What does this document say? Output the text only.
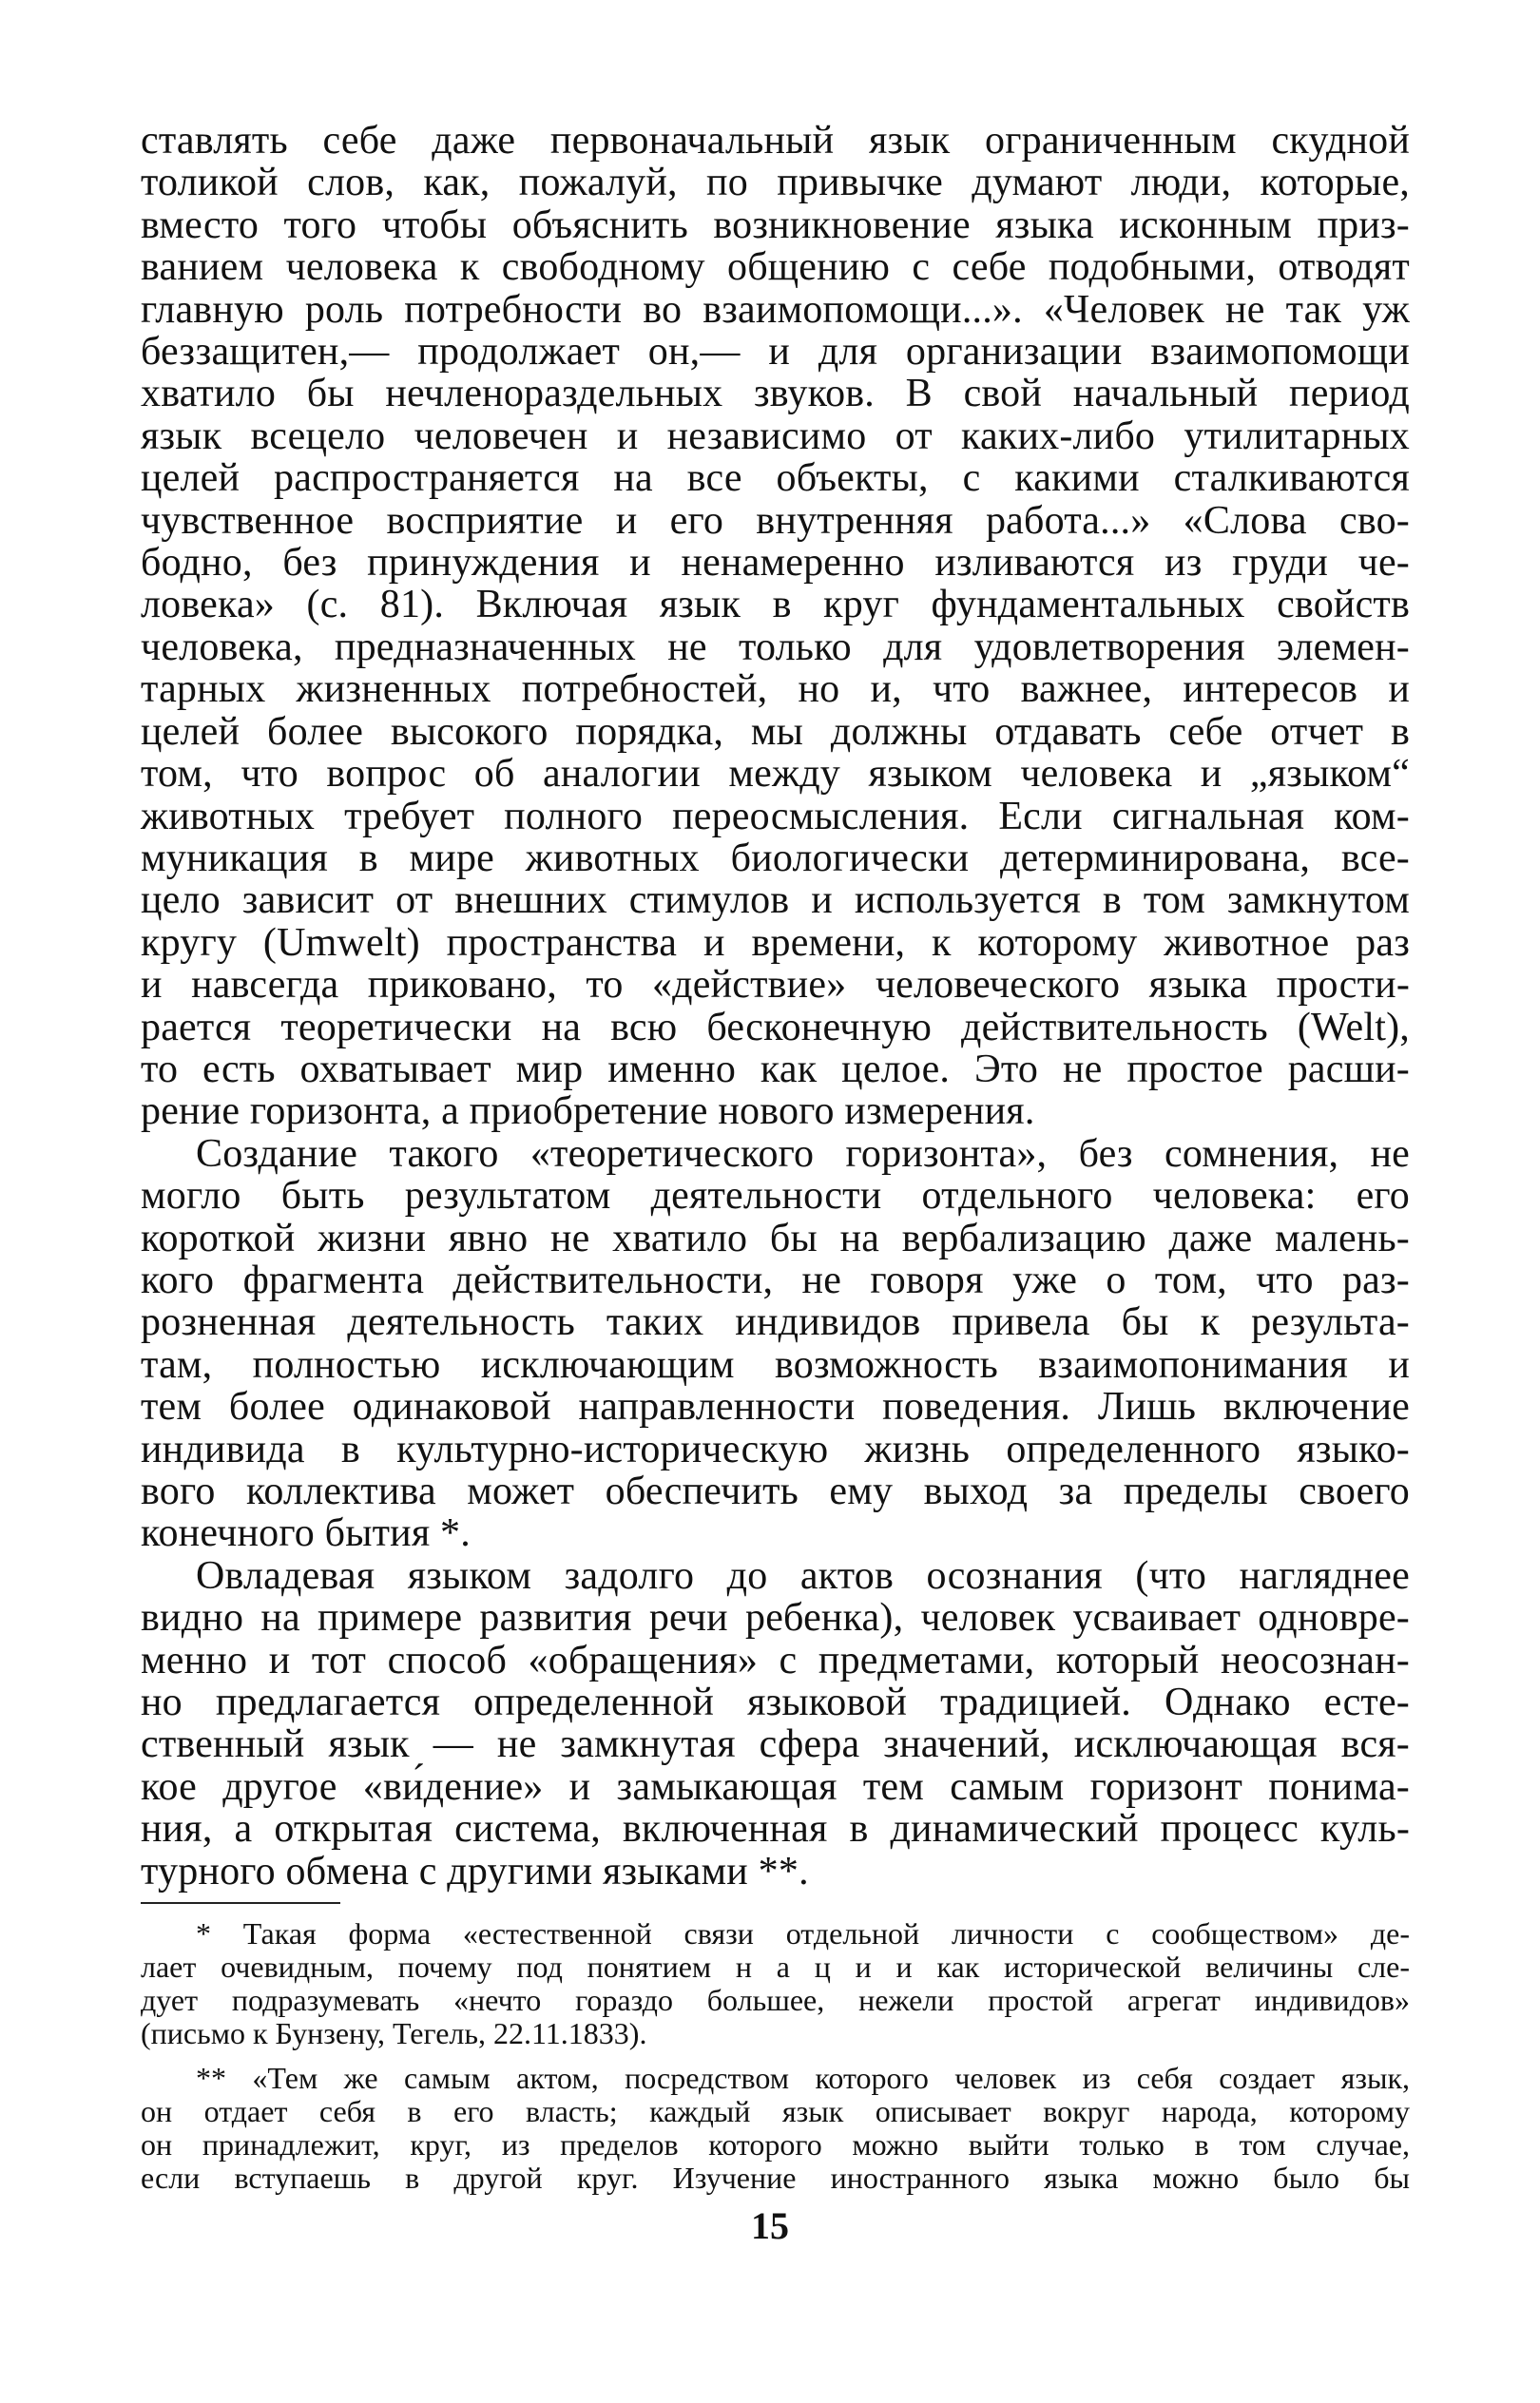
ставлять себе даже первоначальный язык ограниченным скудной
толикой слов, как, пожалуй, по привычке думают люди, которые,
вместо того чтобы объяснить возникновение языка исконным приз-
ванием человека к свободному общению с себе подобными, отводят
главную роль потребности во взаимопомощи...». «Человек не так уж
беззащитен,— продолжает он,— и для организации взаимопомощи
хватило бы нечленораздельных звуков. В свой начальный период
язык всецело человечен и независимо от каких-либо утилитарных
целей распространяется на все объекты, с какими сталкиваются
чувственное восприятие и его внутренняя работа...» «Слова сво-
бодно, без принуждения и ненамеренно изливаются из груди че-
ловека» (с. 81). Включая язык в круг фундаментальных свойств
человека, предназначенных не только для удовлетворения элемен-
тарных жизненных потребностей, но и, что важнее, интересов и
целей более высокого порядка, мы должны отдавать себе отчет в
том, что вопрос об аналогии между языком человека и „языком“
животных требует полного переосмысления. Если сигнальная ком-
муникация в мире животных биологически детерминирована, все-
цело зависит от внешних стимулов и используется в том замкнутом
кругу (Umwelt) пространства и времени, к которому животное раз
и навсегда приковано, то «действие» человеческого языка прости-
рается теоретически на всю бесконечную действительность (Welt),
то есть охватывает мир именно как целое. Это не простое расши-
рение горизонта, а приобретение нового измерения.
Создание такого «теоретического горизонта», без сомнения, не
могло быть результатом деятельности отдельного человека: его
короткой жизни явно не хватило бы на вербализацию даже малень-
кого фрагмента действительности, не говоря уже о том, что раз-
розненная деятельность таких индивидов привела бы к результа-
там, полностью исключающим возможность взаимопонимания и
тем более одинаковой направленности поведения. Лишь включение
индивида в культурно-историческую жизнь определенного языко-
вого коллектива может обеспечить ему выход за пределы своего
конечного бытия *.
Овладевая языком задолго до актов осознания (что нагляднее
видно на примере развития речи ребенка), человек усваивает одновре-
менно и тот способ «обращения» с предметами, который неосознан-
но предлагается определенной языковой традицией. Однако есте-
ственный язык — не замкнутая сфера значений, исключающая вся-
кое другое «ви́дение» и замыкающая тем самым горизонт понима-
ния, а открытая система, включенная в динамический процесс куль-
турного обмена с другими языками **.
* Такая форма «естественной связи отдельной личности с сообществом» де-
лает очевидным, почему под понятием н а ц и и как исторической величины сле-
дует подразумевать «нечто гораздо большее, нежели простой агрегат индивидов»
(письмо к Бунзену, Тегель, 22.11.1833).
** «Тем же самым актом, посредством которого человек из себя создает язык,
он отдает себя в его власть; каждый язык описывает вокруг народа, которому
он принадлежит, круг, из пределов которого можно выйти только в том случае,
если вступаешь в другой круг. Изучение иностранного языка можно было бы
15
